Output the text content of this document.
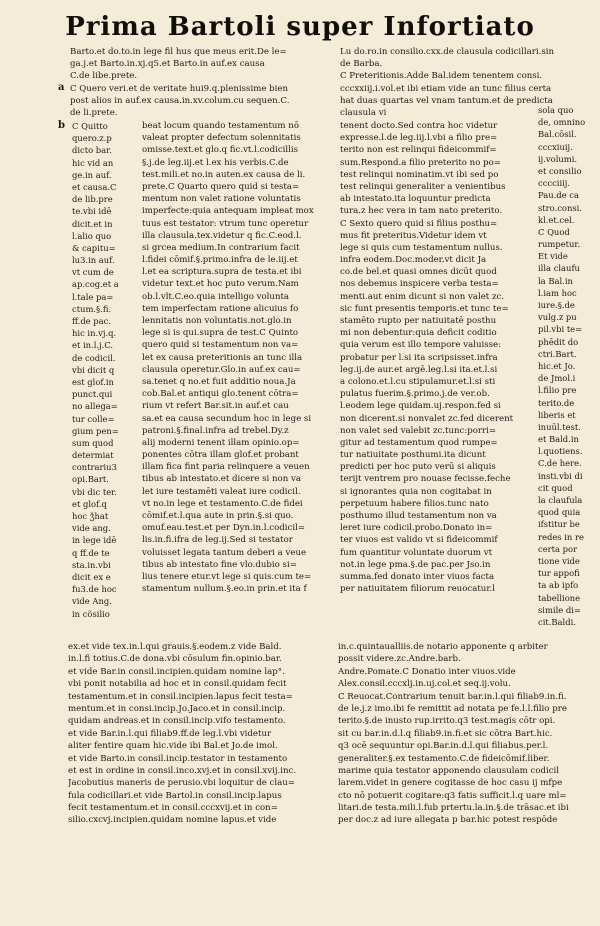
Prima Bartoli super Infortiato
Barto.et do.to.in lege fil hus que meus erit.De le=
ga.j.et Barto.in.xj.q5.et Barto.in auf.ex causa
C.de libe.prete.
C Quero veri.et de veritate hui9.q.plenissime bien
post alios in auf.ex causa.in.xv.colum.cu sequen.C.
de li.prete.
Lu do.ro.in consilio.cxx.de clausula codicillari.sin
de Barba.
C Preteritionis.Adde Bal.idem tenentem consi.
cccxxiij.i.vol.et ibi etiam vide an tunc filius certa
hat duas quartas vel vnam tantum.et de predicta
clausula vi
a
b C Quitto
quero.z.p
dicto bar.
hic vid an
ge.in auf.
et causa.C
de lib.pre
te.vbi idē
dicit.et in
l.alio quo
& capitu=
lu3.in auf.
vt cum de
ap.cog.et a
l.tale pa=
ctum.§.fi.
ff.de pac.
hic in.vj.q.
et in.l.j.C.
de codicil.
vbi dicit q
est glof.in
punct.qui
no allega=
tur colle=
gium pen=
sum quod
determiat
contrariu3
opi.Bart.
vbi dic ter.
et glof.q
hoc ǯhat
vide ang.
in lege idē
q ff.de te
sta.in.vbi
dicit ex e
fu3.de hoc
vide Ang.
in cõsilio
beat locum quando testamentum nō
valeat propter defectum solennitatis
omisse.text.et glo.q fic.vt.l.codicillis
§.j.de leg.iij.et l.ex his verbis.C.de
test.mili.et no.in auten.ex causa de li.
prete.C Quarto quero quid si testa=
mentum non valet ratione voluntatis
imperfecte:quia antequam impleat mox
tuus est testator: vtrum tunc operetur
illa clausula.tex.videtur q fic.C.eod.l.
si grcea medium.In contrarium facit
l.fidei cōmif.§.primo.infra de le.iij.et
l.et ea scriptura.supra de testa.et ibi
videtur text.et hoc puto verum.Nam
ob.l.vlt.C.eo.quia intelligo volunta
tem imperfectam ratione alicuius fo
lennitatis non voluntatis.not.glo.in
lege si is qui.supra de test.C Quinto
quero quid si testamentum non va=
let ex causa preteritionis an tunc illa
clausula operetur.Glo.in auf.ex cau=
sa.tenet q no.et fuit additio noua.Ja
cob.Bal.et antiqui glo.tenent cōtra=
rium vt refert Bar.sit.in auf.et cau
sa.et ea causa secundum hoc in lege si
patroni.§.final.infra ad trebel.Dy.z
alij moderni tenent illam opinio.op=
ponentes cōtra illam glof.et probant
illam fica fint paria relinquere a veuen
tibus ab intestato.et dicere si non va
let iure testamēti valeat iure codicil.
vt no.in lege et testamento.C.de fidei
cōmif.et.l.qua aute in prin.§.si quo.
omuf.eau.test.et per Dyn.in.l.codicil=
lis.in.fi.ifra de leg.ij.Sed si testator
voluisset legata tantum deberi a veue
tibus ab intestato fine vlo.dubio si=
lius tenere etur.vt lege si quis.cum te=
stamentum nullum.§.eo.in prin.et ita f
tenent docto.Sed contra hoc videtur
expresse.l.de leg.iij.l.vbi a filio pre=
terito non est relinqui fideicommif=
sum.Respond.a filio preterito no po=
test relinqui nominatim.vt ibi sed po
test relinqui generaliter a venientibus
ab intestato.ita loquuntur predicta
tura.z hec vera in tam nato preterito.
C Sexto quero quid si filius posthu=
mus fit preteritus.Videtur idem vt
lege si quis cum testamentum nullus.
infra eodem.Doc.moder.vt dicit Ja
co.de bel.et quasi omnes dicūt quod
nos debemus inspicere verba testa=
menti.aut enim dicunt si non valet zc.
sic funt presentis temporis.et tunc te=
stamēto rupto per natiuitatē posthu
mi non debentur:quia deficit coditio
quia verum est illo tempore valuisse:
probatur per l.si ita scripsisset.infra
leg.ij.de aur.et argē.leg.l.si ita.et.l.si
a colono.et.l.cu stipulamur.et.l.si sti
pulatus fuerim.§.primo.j.de ver.ob.
l.eodem lege quidam.uj.respon.fed si
non dicerent.si nonvalet zc.fed dicerent
non valet sed valebit zc.tunc:porri=
gitur ad testamentum quod rumpe=
tur natiuitate posthumi.ita dicunt
predicti per hoc puto verū si aliquis
terijt ventrem pro nouase fecisse.feche
si ignorantes quia non cogitabat in
perpetuum habere filios.tunc nato
posthumo illud testamentum non va
leret iure codicil.probo.Donato in=
ter viuos est valido vt si fideicommif
fum quantitur voluntate duorum vt
not.in lege pma.§.de pac.per Jso.in
summa.fed donato inter viuos facta
per natiuitatem filiorum reuocatur.l
sola quo
de, omnino
Bal.cōsil.
cccxiuij.
ij.volumi.
et consilio
cccciiij.
Pau.de ca
stro.consi.
kl.et.cel.
C Quod
rumpetur.
Et vide
illa claufu
la Bal.in
l.iam hoc
iure.§.de
vulg.z pu
pil.vbi te=
phēdit do
ctri.Bart.
hic.et Jo.
de Jmol.i
l.filio pre
terito.de
liberis et
inuūl.test.
et Bald.in
l.quotiens.
C.de here.
insti.vbi di
cit quod
la claufula
quod quia
ifstitur be
redes in re
certa por
tione vide
tur appofi
ta ab ipfo
tabellione
simile di=
cit.Baldi.
ex.et vide tex.in.l.qui grauis.§.eodem.z vide Bald.	in.c.quintaualliis.de notario apponente q arbiter
in.l.fi totius.C.de dona.vbi cōsulum fin.opinio.bar.	possit videre.zc.Andre.barb.
et vide Bar.in consil.incipien.quidam nomine lap°.	Andre.Pomate.C Donatio inter viuos.vide
vbi ponit notabilia ad hoc et in consil.quidam fecit	Alex.consil.cccxlj.in.uj.col.et seq.ij.volu.
testamentum.et in consil.incipien.lapus fecit testa=	C Reuocat.Contrarium tenuit bar.in.l.qui filiab9.in.fi.
mentum.et in consi.incip.Jo.Jaco.et in consil.incip.	de le.j.z imo.ibi fe remittit ad notata pe fe.l.l.filio pre
quidam andreas.et in consil.incip.vifo testamento.	terito.§.de inusto rup.irrito.q3 test.magis cōtr opi.
et vide Bar.in.l.qui filiab9.ff.de leg.l.vbi videtur	sit cu bar.in.d.l.q filiab9.in.fi.et sic cōtra Bart.hic.
aliter fentire quam hic.vide ibi Bal.et Jo.de imol.	q3 ocē sequuntur opi.Bar.in.d.l.qui filiabus.per.l.
et vide Barto.in consil.incip.testator in testamento	generaliter.§.ex testamento.C.de fideicōmif.liber.
et est in ordine in consil.inco.xvj.et in consil.xvij.inc.	marime quia testator apponendo clausulam codicil
Jacobutius maneris de perusio.vbi loquitur de clau=	larem.videt in genere cogitasse de hoc casu ij mfpe
fula codicillari.et vide Bartol.in consil.incip.lapus	cto nō potuerit cogitare:q3 fatis sufficit.l.q uare ml=
fecit testamentum.et in consil.cccxvij.et in con=	litari.de testa.mili.l.fub prtertu.la.in.§.de trāsac.et ibi
silio.cxcvj.incipien.quidam nomine lapus.et vide	per doc.z ad iure allegata p bar.hic potest respōde
